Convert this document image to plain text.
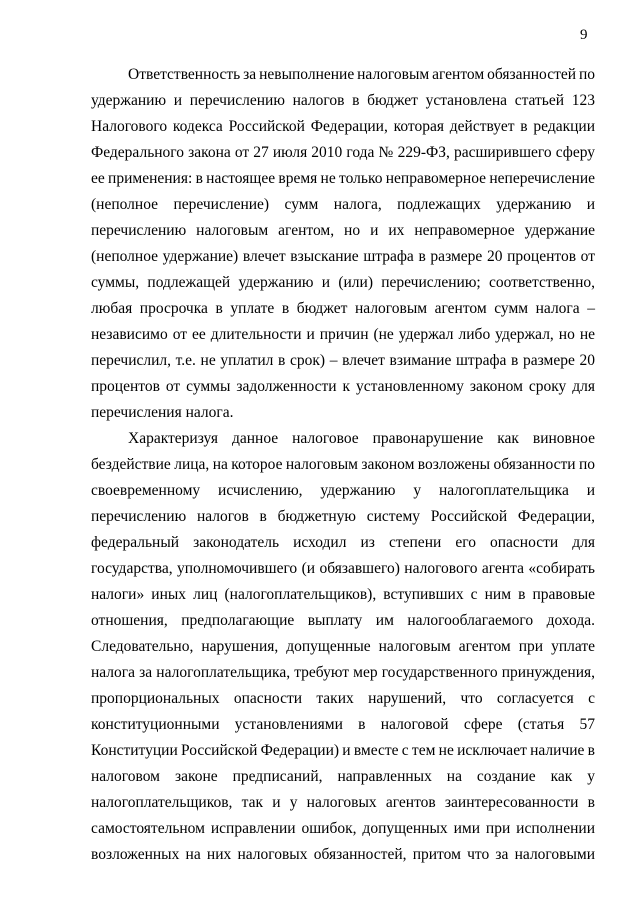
9
Ответственность за невыполнение налоговым агентом обязанностей по
удержанию и перечислению налогов в бюджет установлена статьей 123
Налогового кодекса Российской Федерации, которая действует в редакции
Федерального закона от 27 июля 2010 года № 229-ФЗ, расширившего сферу
ее применения: в настоящее время не только неправомерное неперечисление
(неполное перечисление) сумм налога, подлежащих удержанию и
перечислению налоговым агентом, но и их неправомерное удержание
(неполное удержание) влечет взыскание штрафа в размере 20 процентов от
суммы, подлежащей удержанию и (или) перечислению; соответственно,
любая просрочка в уплате в бюджет налоговым агентом сумм налога –
независимо от ее длительности и причин (не удержал либо удержал, но не
перечислил, т.е. не уплатил в срок) – влечет взимание штрафа в размере 20
процентов от суммы задолженности к установленному законом сроку для
перечисления налога.
Характеризуя данное налоговое правонарушение как виновное
бездействие лица, на которое налоговым законом возложены обязанности по
своевременному исчислению, удержанию у налогоплательщика и
перечислению налогов в бюджетную систему Российской Федерации,
федеральный законодатель исходил из степени его опасности для
государства, уполномочившего (и обязавшего) налогового агента «собирать
налоги» иных лиц (налогоплательщиков), вступивших с ним в правовые
отношения, предполагающие выплату им налогооблагаемого дохода.
Следовательно, нарушения, допущенные налоговым агентом при уплате
налога за налогоплательщика, требуют мер государственного принуждения,
пропорциональных опасности таких нарушений, что согласуется с
конституционными установлениями в налоговой сфере (статья 57
Конституции Российской Федерации) и вместе с тем не исключает наличие в
налоговом законе предписаний, направленных на создание как у
налогоплательщиков, так и у налоговых агентов заинтересованности в
самостоятельном исправлении ошибок, допущенных ими при исполнении
возложенных на них налоговых обязанностей, притом что за налоговыми
